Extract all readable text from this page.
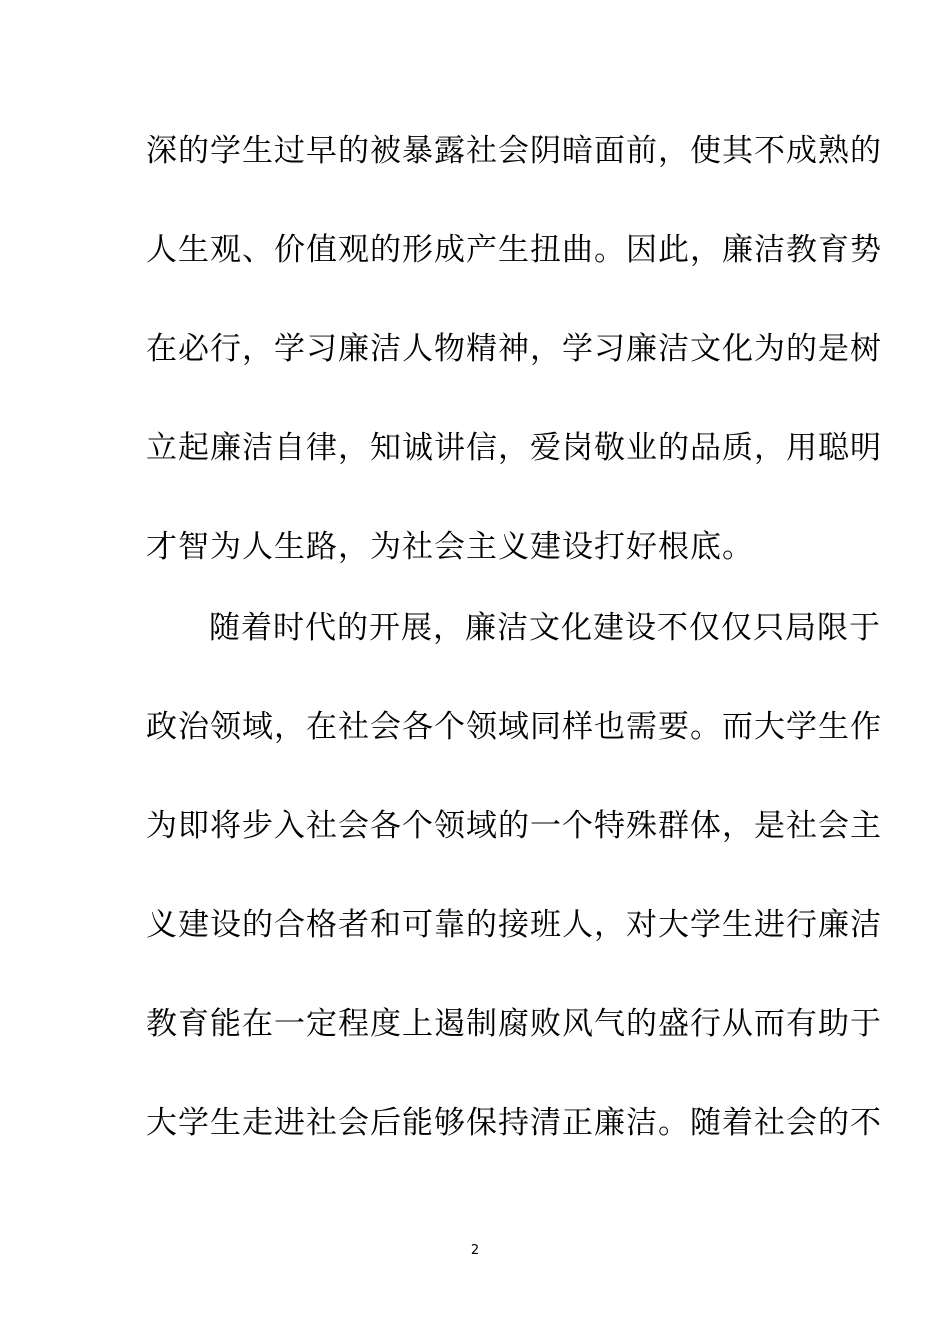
深的学生过早的被暴露社会阴暗面前，使其不成熟的
人生观、价值观的形成产生扭曲。因此，廉洁教育势
在必行，学习廉洁人物精神，学习廉洁文化为的是树
立起廉洁自律，知诚讲信，爱岗敬业的品质，用聪明
才智为人生路，为社会主义建设打好根底。
随着时代的开展，廉洁文化建设不仅仅只局限于
政治领域，在社会各个领域同样也需要。而大学生作
为即将步入社会各个领域的一个特殊群体，是社会主
义建设的合格者和可靠的接班人，对大学生进行廉洁
教育能在一定程度上遏制腐败风气的盛行从而有助于
大学生走进社会后能够保持清正廉洁。随着社会的不
2
